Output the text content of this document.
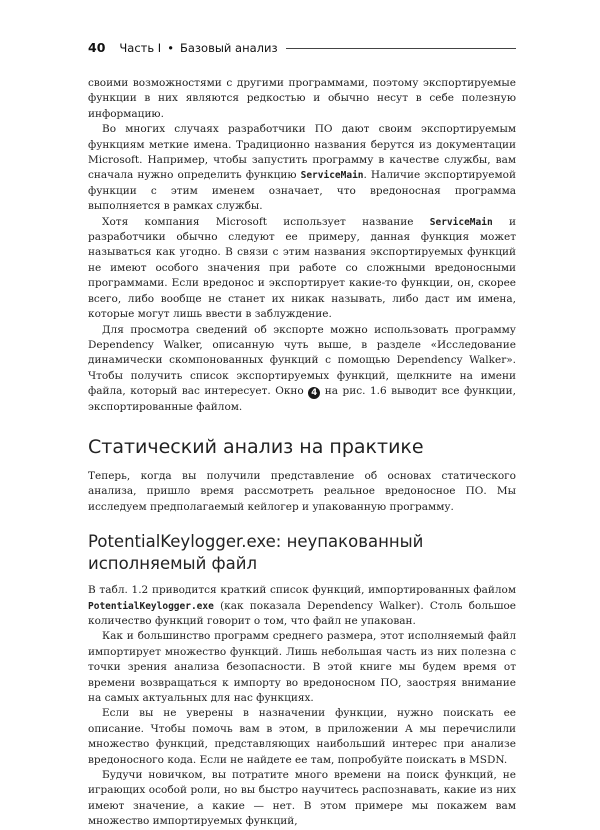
40 Часть I • Базовый анализ

своими возможностями с другими программами, поэтому экспортируемые функции в них являются редкостью и обычно несут в себе полезную информацию.

Во многих случаях разработчики ПО дают своим экспортируемым функциям меткие имена. Традиционно названия берутся из документации Microsoft. Например, чтобы запустить программу в качестве службы, вам сначала нужно определить функцию ServiceMain. Наличие экспортируемой функции с этим именем означает, что вредоносная программа выполняется в рамках службы.

Хотя компания Microsoft использует название ServiceMain и разработчики обычно следуют ее примеру, данная функция может называться как угодно. В связи с этим названия экспортируемых функций не имеют особого значения при работе со сложными вредоносными программами. Если вредонос и экспортирует какие-то функции, он, скорее всего, либо вообще не станет их никак называть, либо даст им имена, которые могут лишь ввести в заблуждение.

Для просмотра сведений об экспорте можно использовать программу Dependency Walker, описанную чуть выше, в разделе «Исследование динамически скомпонованных функций с помощью Dependency Walker». Чтобы получить список экспортируемых функций, щелкните на имени файла, который вас интересует. Окно 4 на рис. 1.6 выводит все функции, экспортированные файлом.

Статический анализ на практике

Теперь, когда вы получили представление об основах статического анализа, пришло время рассмотреть реальное вредоносное ПО. Мы исследуем предполагаемый кейлогер и упакованную программу.

PotentialKeylogger.exe: неупакованный
исполняемый файл

В табл. 1.2 приводится краткий список функций, импортированных файлом PotentialKeylogger.exe (как показала Dependency Walker). Столь большое количество функций говорит о том, что файл не упакован.

Как и большинство программ среднего размера, этот исполняемый файл импортирует множество функций. Лишь небольшая часть из них полезна с точки зрения анализа безопасности. В этой книге мы будем время от времени возвращаться к импорту во вредоносном ПО, заостряя внимание на самых актуальных для нас функциях.

Если вы не уверены в назначении функции, нужно поискать ее описание. Чтобы помочь вам в этом, в приложении А мы перечислили множество функций, представляющих наибольший интерес при анализе вредоносного кода. Если не найдете ее там, попробуйте поискать в MSDN.

Будучи новичком, вы потратите много времени на поиск функций, не играющих особой роли, но вы быстро научитесь распознавать, какие из них имеют значение, а какие — нет. В этом примере мы покажем вам множество импортируемых функций,
